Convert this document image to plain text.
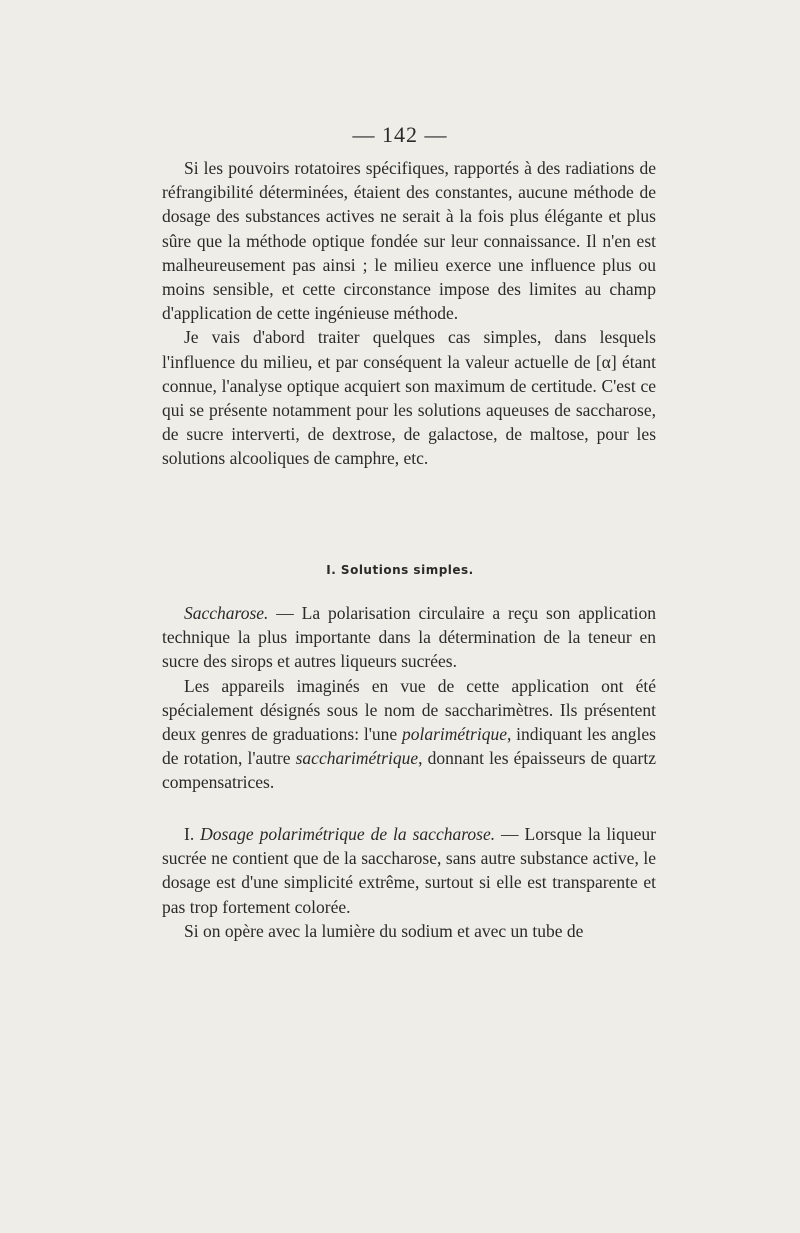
— 142 —

Si les pouvoirs rotatoires spécifiques, rapportés à des radiations de réfrangibilité déterminées, étaient des constantes, aucune méthode de dosage des substances actives ne serait à la fois plus élégante et plus sûre que la méthode optique fondée sur leur connaissance. Il n'en est malheureusement pas ainsi ; le milieu exerce une influence plus ou moins sensible, et cette circonstance impose des limites au champ d'application de cette ingénieuse méthode.

Je vais d'abord traiter quelques cas simples, dans lesquels l'influence du milieu, et par conséquent la valeur actuelle de [α] étant connue, l'analyse optique acquiert son maximum de certitude. C'est ce qui se présente notamment pour les solutions aqueuses de saccharose, de sucre interverti, de dextrose, de galactose, de maltose, pour les solutions alcooliques de camphre, etc.

I. Solutions simples.

Saccharose. — La polarisation circulaire a reçu son application technique la plus importante dans la détermination de la teneur en sucre des sirops et autres liqueurs sucrées.

Les appareils imaginés en vue de cette application ont été spécialement désignés sous le nom de saccharimètres. Ils présentent deux genres de graduations: l'une polarimétrique, indiquant les angles de rotation, l'autre saccharimétrique, donnant les épaisseurs de quartz compensatrices.

I. Dosage polarimétrique de la saccharose. — Lorsque la liqueur sucrée ne contient que de la saccharose, sans autre substance active, le dosage est d'une simplicité extrême, surtout si elle est transparente et pas trop fortement colorée.

Si on opère avec la lumière du sodium et avec un tube de
